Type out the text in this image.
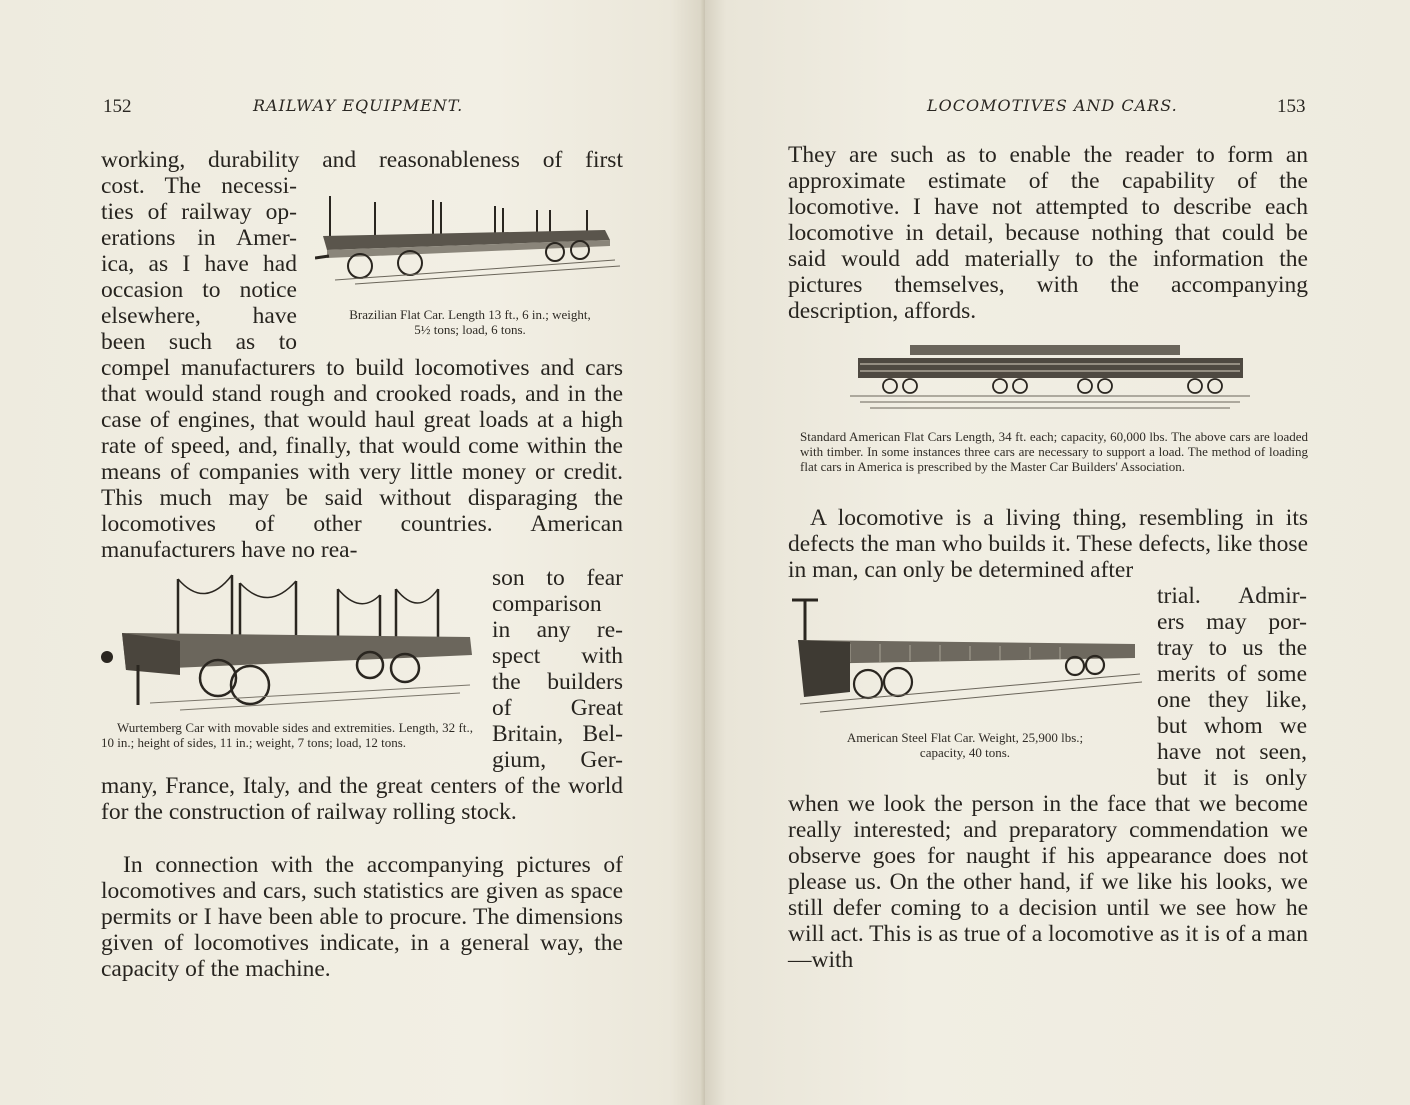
152	RAILWAY EQUIPMENT.
working, durability and reasonableness of first

cost. The necessi-

ties of railway op-

erations in Amer-

ica, as I have had

occasion to notice

elsewhere, have

been such as to

Brazilian Flat Car. Length 13 ft., 6 in.; weight,
5½ tons; load, 6 tons.

compel manufacturers to build locomotives and cars that would stand rough and crooked roads, and in the case of engines, that would haul great loads at a high rate of speed, and, finally, that would come within the means of companies with very little money or credit. This much may be said without disparaging the locomotives of other countries. American manufacturers have no rea-

son to fear

comparison

in any re-

spect with

the builders

of Great

Britain, Bel-

gium, Ger-

Wurtemberg Car with movable sides and extremities. Length, 32 ft., 10 in.; height of sides, 11 in.; weight, 7 tons; load, 12 tons.

many, France, Italy, and the great centers of the world for the construction of railway rolling stock.

In connection with the accompanying pictures of locomotives and cars, such statistics are given as space permits or I have been able to procure. The dimensions given of locomotives indicate, in a general way, the capacity of the machine.

LOCOMOTIVES AND CARS.	153

They are such as to enable the reader to form an approximate estimate of the capability of the locomotive. I have not attempted to describe each locomotive in detail, because nothing that could be said would add materially to the information the pictures themselves, with the accompanying description, affords.

Standard American Flat Cars Length, 34 ft. each; capacity, 60,000 lbs. The above cars are loaded with timber. In some instances three cars are necessary to support a load. The method of loading flat cars in America is prescribed by the Master Car Builders' Association.

A locomotive is a living thing, resembling in its defects the man who builds it. These defects, like those in man, can only be determined after

American Steel Flat Car. Weight, 25,900 lbs.;
capacity, 40 tons.

trial. Admir-

ers may por-

tray to us the

merits of some

one they like,

but whom we

have not seen,

but it is only

when we look the person in the face that we become really interested; and preparatory commendation we observe goes for naught if his appearance does not please us. On the other hand, if we like his looks, we still defer coming to a decision until we see how he will act. This is as true of a locomotive as it is of a man—with
